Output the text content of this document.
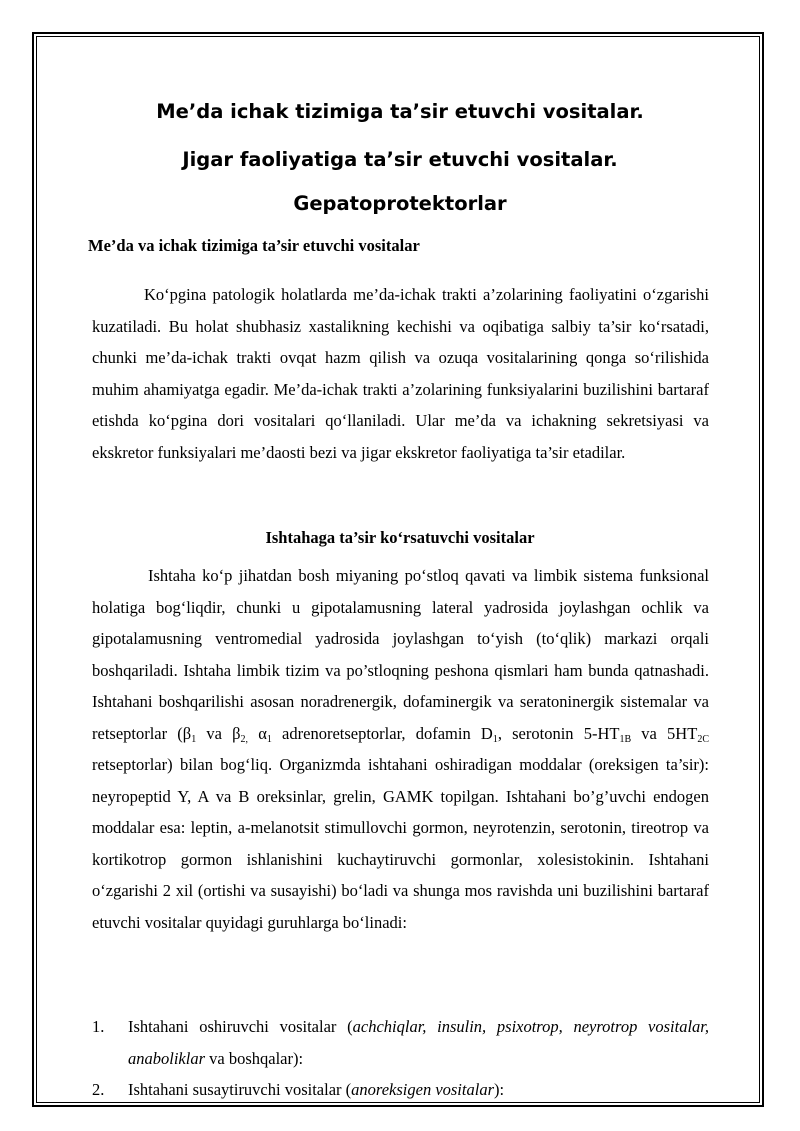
Me’da ichak tizimiga ta’sir etuvchi vositalar.
Jigar faoliyatiga ta’sir etuvchi vositalar.
Gepatoprotektorlar
Me’da va ichak tizimiga ta’sir etuvchi vositalar

Ko‘pgina patologik holatlarda me’da-ichak trakti a’zolarining faoliyatini o‘zgarishi kuzatiladi. Bu holat shubhasiz xastalikning kechishi va oqibatiga salbiy ta’sir ko‘rsatadi, chunki me’da-ichak trakti ovqat hazm qilish va ozuqa vositalarining qonga so‘rilishida muhim ahamiyatga egadir. Me’da-ichak trakti a’zolarining funksiyalarini buzilishini bartaraf etishda ko‘pgina dori vositalari qo‘llaniladi. Ular me’da va ichakning sekretsiyasi va ekskretor funksiyalari me’daosti bezi va jigar ekskretor faoliyatiga ta’sir etadilar.

Ishtahaga ta’sir ko‘rsatuvchi vositalar

Ishtaha ko‘p jihatdan bosh miyaning po‘stloq qavati va limbik sistema funksional holatiga bog‘liqdir, chunki u gipotalamusning lateral yadrosida joylashgan ochlik va gipotalamusning ventromedial yadrosida joylashgan to‘yish (to‘qlik) markazi orqali boshqariladi. Ishtaha limbik tizim va po’stloqning peshona qismlari ham bunda qatnashadi. Ishtahani boshqarilishi asosan noradrenergik, dofaminergik va seratoninergik sistemalar va retseptorlar ($\beta_1$ va $\beta_{2,}$ $\alpha_1$ adrenoretseptorlar, dofamin $D_1$, serotonin $5-HT_{1B}$ va $5HT_{2C}$ retseptorlar) bilan bog‘liq. Organizmda ishtahani oshiradigan moddalar (oreksigen ta’sir): neyropeptid Y, A va B oreksinlar, grelin, GAMK topilgan. Ishtahani bo’g’uvchi endogen moddalar esa: leptin, a-melanotsit stimullovchi gormon, neyrotenzin, serotonin, tireotrop va kortikotrop gormon ishlanishini kuchaytiruvchi gormonlar, xolesistokinin. Ishtahani o‘zgarishi 2 xil (ortishi va susayishi) bo‘ladi va shunga mos ravishda uni buzilishini bartaraf etuvchi vositalar quyidagi guruhlarga bo‘linadi:

1.	Ishtahani oshiruvchi vositalar (achchiqlar, insulin, psixotrop, neyrotrop vositalar, anaboliklar va boshqalar):
2.	Ishtahani susaytiruvchi vositalar (anoreksigen vositalar):
